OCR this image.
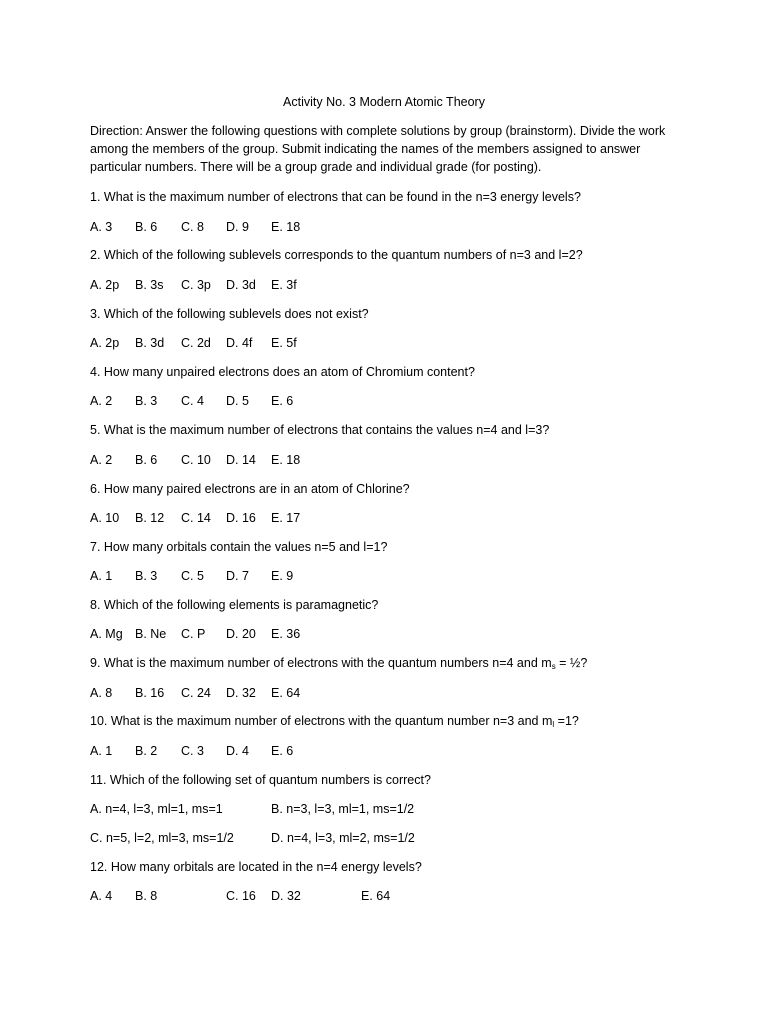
Activity No. 3 Modern Atomic Theory
Direction: Answer the following questions with complete solutions by group (brainstorm). Divide the work among the members of the group. Submit indicating the names of the members assigned to answer particular numbers. There will be a group grade and individual grade (for posting).
1. What is the maximum number of electrons that can be found in the n=3 energy levels?
A. 3 B. 6 C. 8 D. 9 E. 18
2. Which of the following sublevels corresponds to the quantum numbers of n=3 and l=2?
A. 2p B. 3s C. 3p D. 3d E. 3f
3. Which of the following sublevels does not exist?
A. 2p B. 3d C. 2d D. 4f E. 5f
4. How many unpaired electrons does an atom of Chromium content?
A. 2 B. 3 C. 4 D. 5 E. 6
5. What is the maximum number of electrons that contains the values n=4 and l=3?
A. 2 B. 6 C. 10 D. 14 E. 18
6. How many paired electrons are in an atom of Chlorine?
A. 10 B. 12 C. 14 D. 16 E. 17
7. How many orbitals contain the values n=5 and l=1?
A. 1 B. 3 C. 5 D. 7 E. 9
8. Which of the following elements is paramagnetic?
A. Mg B. Ne C. P D. 20 E. 36
9. What is the maximum number of electrons with the quantum numbers n=4 and $m_s$ = ½?
A. 8 B. 16 C. 24 D. 32 E. 64
10. What is the maximum number of electrons with the quantum number n=3 and $m_l =1$?
A. 1 B. 2 C. 3 D. 4 E. 6
11. Which of the following set of quantum numbers is correct?
A. n=4, l=3, ml=1, ms=1	B. n=3, l=3, ml=1, ms=1/2
C. n=5, l=2, ml=3, ms=1/2	D. n=4, l=3, ml=2, ms=1/2
12. How many orbitals are located in the n=4 energy levels?
A. 4 B. 8	C. 16 D. 32	E. 64
